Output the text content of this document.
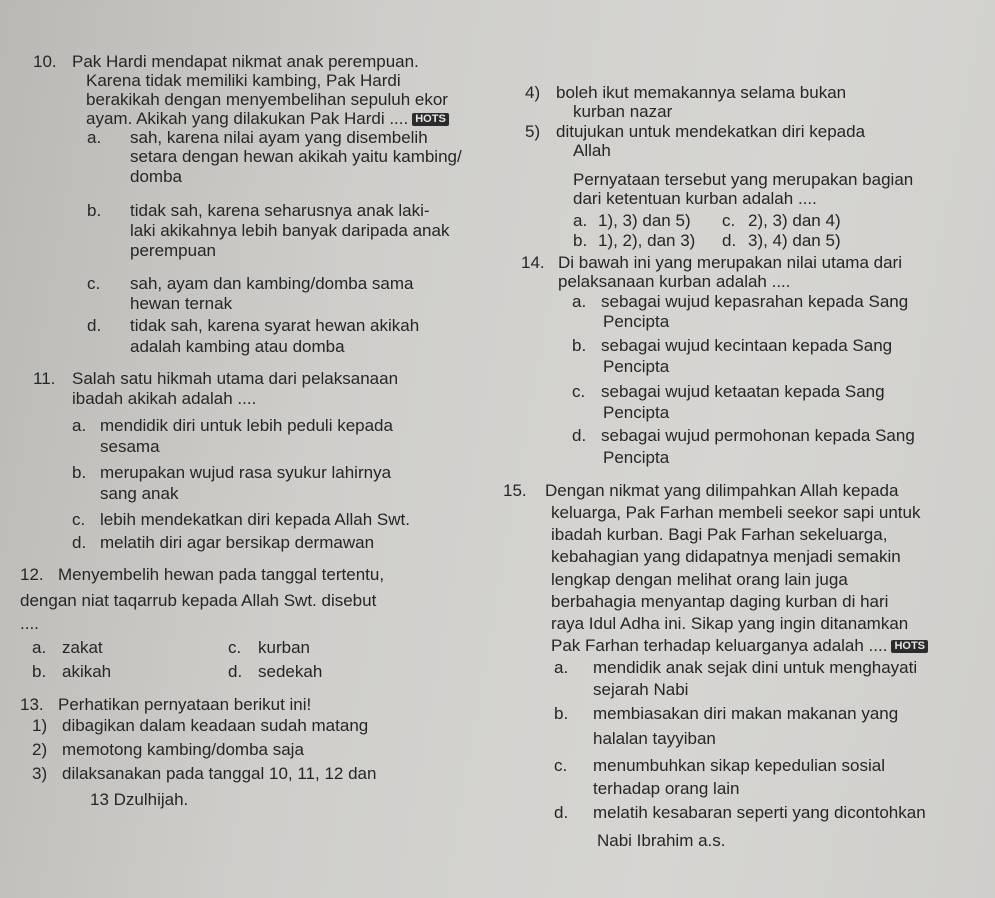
10. Pak Hardi mendapat nikmat anak perempuan.
Karena tidak memiliki kambing, Pak Hardi
berakikah dengan menyembelihan sepuluh ekor
ayam. Akikah yang dilakukan Pak Hardi .... HOTS
a. sah, karena nilai ayam yang disembelih
setara dengan hewan akikah yaitu kambing/
domba
b. tidak sah, karena seharusnya anak laki-
laki akikahnya lebih banyak daripada anak
perempuan
c. sah, ayam dan kambing/domba sama
hewan ternak
d. tidak sah, karena syarat hewan akikah
adalah kambing atau domba
11. Salah satu hikmah utama dari pelaksanaan
ibadah akikah adalah ....
a. mendidik diri untuk lebih peduli kepada
sesama
b. merupakan wujud rasa syukur lahirnya
sang anak
c. lebih mendekatkan diri kepada Allah Swt.
d. melatih diri agar bersikap dermawan
12. Menyembelih hewan pada tanggal tertentu,
dengan niat taqarrub kepada Allah Swt. disebut
....
a. zakat	c. kurban
b. akikah	d. sedekah
13. Perhatikan pernyataan berikut ini!
1) dibagikan dalam keadaan sudah matang
2) memotong kambing/domba saja
3) dilaksanakan pada tanggal 10, 11, 12 dan
13 Dzulhijah.
4) boleh ikut memakannya selama bukan
kurban nazar
5) ditujukan untuk mendekatkan diri kepada
Allah
Pernyataan tersebut yang merupakan bagian
dari ketentuan kurban adalah ....
a. 1), 3) dan 5) c. 2), 3) dan 4)
b. 1), 2), dan 3) d. 3), 4) dan 5)
14. Di bawah ini yang merupakan nilai utama dari
pelaksanaan kurban adalah ....
a. sebagai wujud kepasrahan kepada Sang
Pencipta
b. sebagai wujud kecintaan kepada Sang
Pencipta
c. sebagai wujud ketaatan kepada Sang
Pencipta
d. sebagai wujud permohonan kepada Sang
Pencipta
15. Dengan nikmat yang dilimpahkan Allah kepada
keluarga, Pak Farhan membeli seekor sapi untuk
ibadah kurban. Bagi Pak Farhan sekeluarga,
kebahagian yang didapatnya menjadi semakin
lengkap dengan melihat orang lain juga
berbahagia menyantap daging kurban di hari
raya Idul Adha ini. Sikap yang ingin ditanamkan
Pak Farhan terhadap keluarganya adalah .... HOTS
a. mendidik anak sejak dini untuk menghayati
sejarah Nabi
b. membiasakan diri makan makanan yang
halalan tayyiban
c. menumbuhkan sikap kepedulian sosial
terhadap orang lain
d. melatih kesabaran seperti yang dicontohkan
Nabi Ibrahim a.s.
